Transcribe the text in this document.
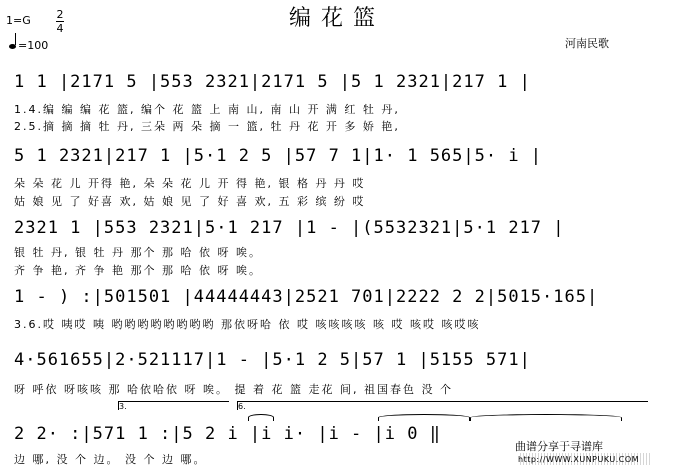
编花篮
1=G 2
4
=100	河南民歌
1 1 |2171 5 |553 2321|2171 5 |5 1 2321|217 1 |
1.4.编 编 编 花 篮, 编个 花 篮 上 南 山, 南 山 开 满 红 牡 丹,
2.5.摘 摘 摘 牡 丹, 三朵 两 朵 摘 一 篮, 牡 丹 花 开 多 娇 艳,
5 1 2321|217 1 |5·1 2 5 |57 7 1|1· 1 565|5· i |
朵 朵 花 儿 开得 艳, 朵 朵 花 儿 开 得 艳, 银 格 丹 丹 哎
姑 娘 见 了 好喜 欢, 姑 娘 见 了 好 喜 欢, 五 彩 缤 纷 哎
2321 1 |553 2321|5·1 217 |1 - |(5532321|5·1 217 |
银 牡 丹, 银 牡 丹 那个 那 哈 依 呀 唉。
齐 争 艳, 齐 争 艳 那个 那 哈 依 呀 唉。
1 - ) :|501501 |44444443|2521 701|2222 2 2|5015·165|
3.6.哎 咦哎 咦 哟哟哟哟哟哟哟哟 那依呀哈 依 哎 咳咳咳咳 咳 哎 咳哎 咳哎咳
4·561655|2·521117|1 - |5·1 2 5|57 1 |5155 571|
呀 呼依 呀咳咳 那 哈依哈依 呀 唉。 提 着 花 篮 走花 间, 祖国春色 没 个
3.	6.
2 2· :|571 1 :|5 2 i |i i· |i - |i 0 ‖
边 哪, 没 个 边。 没 个 边 哪。
曲谱分享于寻谱库
http://WWW.XUNPUKU.COM
